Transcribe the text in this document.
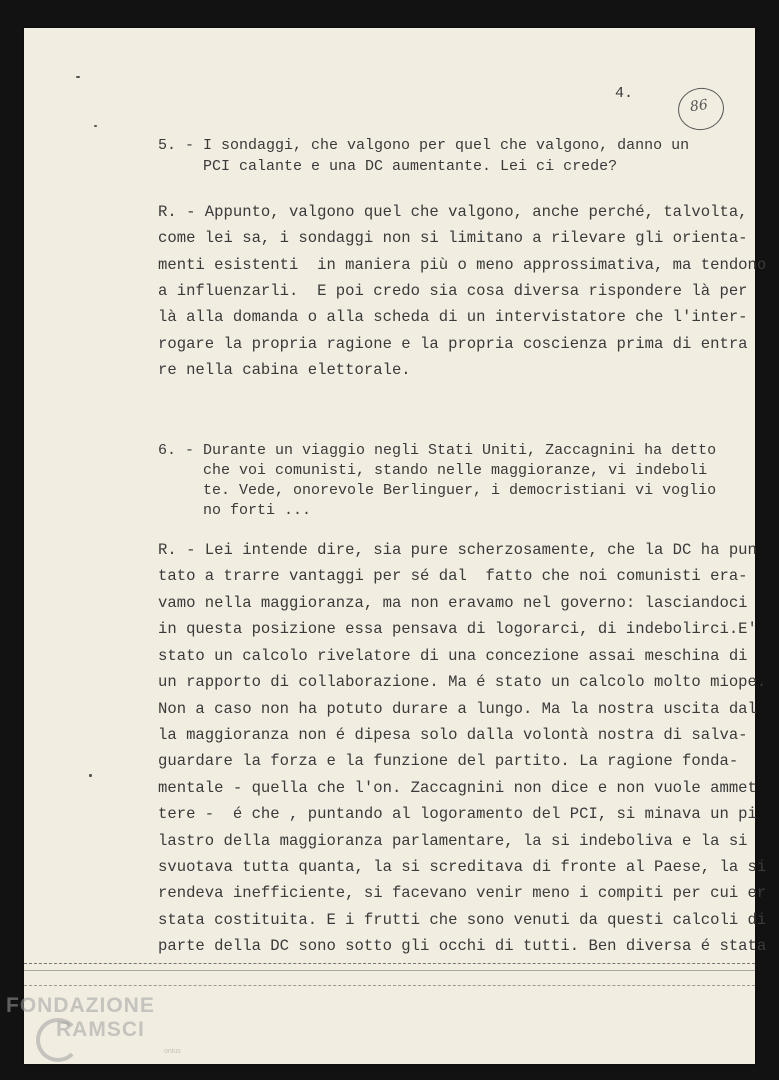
4.
86
5. - I sondaggi, che valgono per quel che valgono, danno un
PCI calante e una DC aumentante. Lei ci crede?
R. - Appunto, valgono quel che valgono, anche perché, talvolta,
come lei sa, i sondaggi non si limitano a rilevare gli orienta-
menti esistenti  in maniera più o meno approssimativa, ma tendono
a influenzarli.  E poi credo sia cosa diversa rispondere là per
là alla domanda o alla scheda di un intervistatore che l'inter-
rogare la propria ragione e la propria coscienza prima di entra
re nella cabina elettorale.
6. - Durante un viaggio negli Stati Uniti, Zaccagnini ha detto
che voi comunisti, stando nelle maggioranze, vi indeboli
te. Vede, onorevole Berlinguer, i democristiani vi voglio
no forti ...
R. - Lei intende dire, sia pure scherzosamente, che la DC ha pun
tato a trarre vantaggi per sé dal  fatto che noi comunisti era-
vamo nella maggioranza, ma non eravamo nel governo: lasciandoci
in questa posizione essa pensava di logorarci, di indebolirci.E'
stato un calcolo rivelatore di una concezione assai meschina di
un rapporto di collaborazione. Ma é stato un calcolo molto miope.
Non a caso non ha potuto durare a lungo. Ma la nostra uscita dal
la maggioranza non é dipesa solo dalla volontà nostra di salva-
guardare la forza e la funzione del partito. La ragione fonda-
mentale - quella che l'on. Zaccagnini non dice e non vuole ammet
tere -  é che , puntando al logoramento del PCI, si minava un pi
lastro della maggioranza parlamentare, la si indeboliva e la si
svuotava tutta quanta, la si screditava di fronte al Paese, la si
rendeva inefficiente, si facevano venir meno i compiti per cui er
stata costituita. E i frutti che sono venuti da questi calcoli di
parte della DC sono sotto gli occhi di tutti. Ben diversa é stata
FONDAZIONE
RAMSCI
onlus
